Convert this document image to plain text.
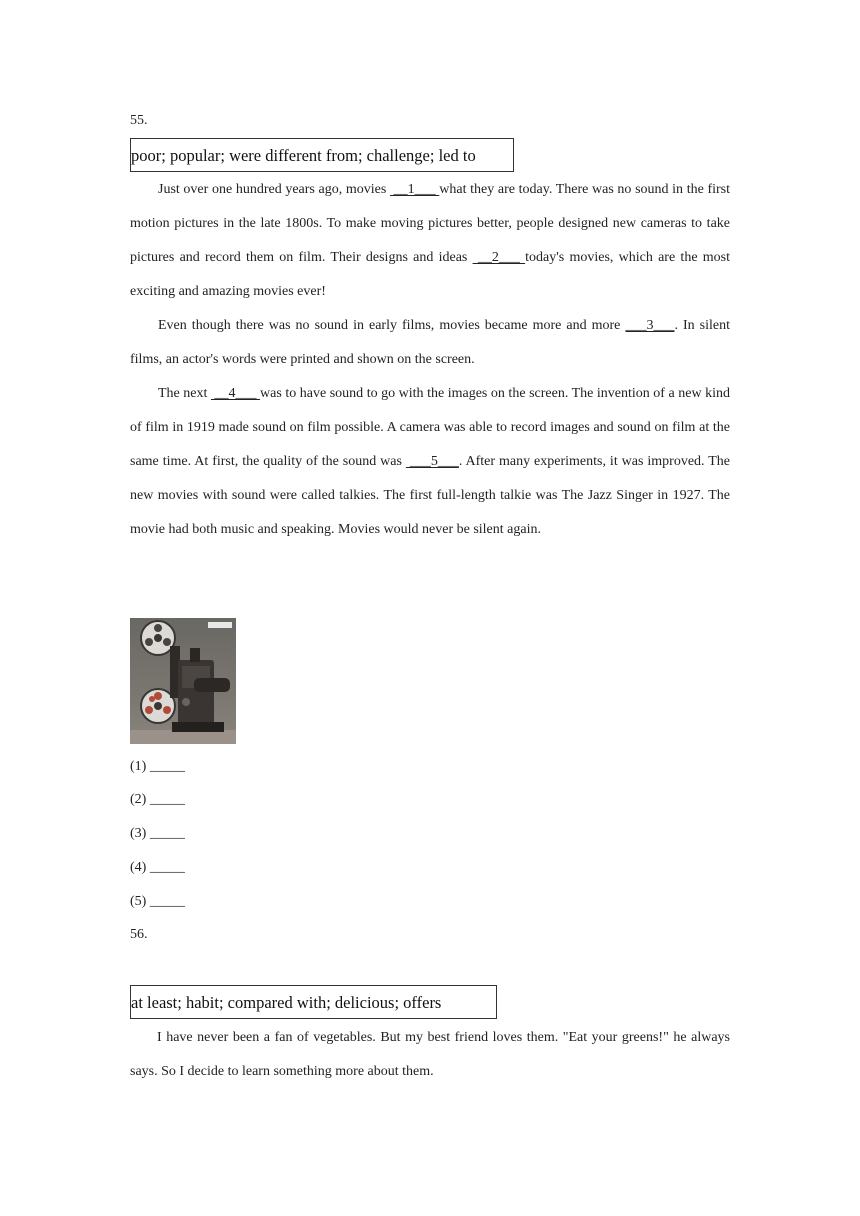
55.
poor; popular; were different from; challenge; led to

Just over one hundred years ago, movies  __1___ what they are today. There was no sound in the first motion pictures in the late 1800s. To make moving pictures better, people designed new cameras to take pictures and record them on film. Their designs and ideas  __2___ today's movies, which are the most exciting and amazing movies ever!

Even though there was no sound in early films, movies became more and more ___3___. In silent films, an actor's words were printed and shown on the screen.

The next  __4___ was to have sound to go with the images on the screen. The invention of a new kind of film in 1919 made sound on film possible. A camera was able to record images and sound on film at the same time. At first, the quality of the sound was  ___5___. After many experiments, it was improved. The new movies with sound were called talkies. The first full-length talkie was The Jazz Singer in 1927. The movie had both music and speaking. Movies would never be silent again.

(1) _____
(2) _____
(3) _____
(4) _____
(5) _____
56.
at least; habit; compared with; delicious; offers

I have never been a fan of vegetables. But my best friend loves them. "Eat your greens!" he always says. So I decide to learn something more about them.
